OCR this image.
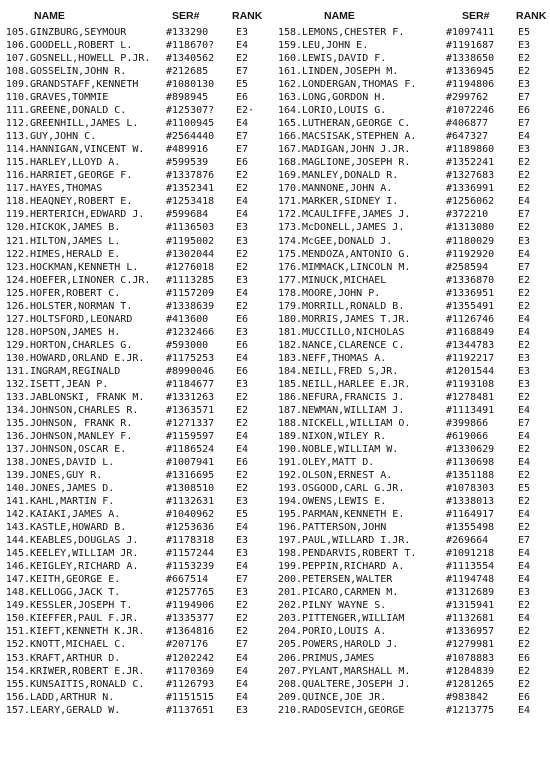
NAME	SER#	RANK
105. GINZBURG,SEYMOUR	#133290	E3
106. GOODELL,ROBERT L.	#118670?	E4
107. GOSNELL,HOWELL P.JR.	#1340562	E2
108. GOSSELIN,JOHN R.	#212685	E7
109. GRANDSTAFF,KENNETH	#1080130	E5
110. GRAVES,TOMMIE	#898945	E6
111. GREENE,DONALD C.	#125307?	E2·
112. GREENHILL,JAMES L.	#1100945	E4
113. GUY,JOHN C.	#2564440	E7
114. HANNIGAN,VINCENT W.	#489916	E7
115. HARLEY,LLOYD A.	#599539	E6
116. HARRIET,GEORGE F.	#1337876	E2
117. HAYES,THOMAS	#1352341	E2
118. HEAQNEY,ROBERT E.	#1253418	E4
119. HERTERICH,EDWARD J.	#599684	E4
120. HICKOK,JAMES B.	#1136503	E3
121. HILTON,JAMES L.	#1195002	E3
122. HIMES,HERALD E.	#1302044	E2
123. HOCKMAN,KENNETH L.	#1276018	E2
124. HOEFER,LINONER C.JR.	#1113285	E3
125. HOFER,ROBERT C.	#1157209	E4
126. HOLSTER,NORMAN T.	#1338639	E2
127. HOLTSFORD,LEONARD	#413600	E6
128. HOPSON,JAMES H.	#1232466	E3
129. HORTON,CHARLES G.	#593000	E6
130. HOWARD,ORLAND E.JR.	#1175253	E4
131. INGRAM,REGINALD	#8990046	E6
132. ISETT,JEAN P.	#1184677	E3
133. JABLONSKI, FRANK M.	#1331263	E2
134. JOHNSON,CHARLES R.	#1363571	E2
135. JOHNSON, FRANK R.	#1271337	E2
136. JOHNSON,MANLEY F.	#1159597	E4
137. JOHNSON,OSCAR E.	#1186524	E4
138. JONES,DAVID L.	#1007941	E6
139. JONES,GUY R.	#1316695	E2
140. JONES,JAMES D.	#1308510	E2
141. KAHL,MARTIN F.	#1132631	E3
142. KAIAKI,JAMES A.	#1040962	E5
143. KASTLE,HOWARD B.	#1253636	E4
144. KEABLES,DOUGLAS J.	#1178318	E3
145. KEELEY,WILLIAM JR.	#1157244	E3
146. KEIGLEY,RICHARD A.	#1153239	E4
147. KEITH,GEORGE E.	#667514	E7
148. KELLOGG,JACK T.	#1257765	E3
149. KESSLER,JOSEPH T.	#1194906	E2
150. KIEFFER,PAUL F.JR.	#1335377	E2
151. KIEFT,KENNETH K.JR.	#1364816	E2
152. KNOTT,MICHAEL C.	#207176	E7
153. KRAFT,ARTHUR D.	#1202242	E4
154. KRIWER,ROBERT E.JR.	#1170369	E4
155. KUNSAITIS,RONALD C.	#1126793	E4
156. LADD,ARTHUR N.	#1151515	E4
157. LEARY,GERALD W.	#1137651	E3
NAME	SER#	RANK
158. LEMONS,CHESTER F.	#1097411	E5
159. LEU,JOHN E.	#1191687	E3
160. LEWIS,DAVID F.	#1338650	E2
161. LINDEN,JOSEPH M.	#1336945	E2
162. LONDERGAN,THOMAS F.	#1194806	E3
163. LONG,GORDON H.	#299762	E7
164. LORIO,LOUIS G.	#1072246	E6
165. LUTHERAN,GEORGE C.	#406877	E7
166. MACSISAK,STEPHEN A.	#647327	E4
167. MADIGAN,JOHN J.JR.	#1189860	E3
168. MAGLIONE,JOSEPH R.	#1352241	E2
169. MANLEY,DONALD R.	#1327683	E2
170. MANNONE,JOHN A.	#1336991	E2
171. MARKER,SIDNEY I.	#1256062	E4
172. MCAULIFFE,JAMES J.	#372210	E7
173. McDONELL,JAMES J.	#1313080	E2
174. McGEE,DONALD J.	#1180029	E3
175. MENDOZA,ANTONIO G.	#1192920	E4
176. MIMMACK,LINCOLN M.	#258594	E7
177. MINUCK,MICHAEL	#1336870	E2
178. MOORE,JOHN P.	#1336951	E2
179. MORRILL,RONALD B.	#1355491	E2
180. MORRIS,JAMES T.JR.	#1126746	E4
181. MUCCILLO,NICHOLAS	#1168849	E4
182. NANCE,CLARENCE C.	#1344783	E2
183. NEFF,THOMAS A.	#1192217	E3
184. NEILL,FRED S,JR.	#1201544	E3
185. NEILL,HARLEE E.JR.	#1193108	E3
186. NEFURA,FRANCIS J.	#1278481	E2
187. NEWMAN,WILLIAM J.	#1113491	E4
188. NICKELL,WILLIAM O.	#399866	E7
189. NIXON,WILEY R.	#619066	E4
190. NOBLE,WILLIAM W.	#1330629	E2
191. OLEY,MATT D.	#1130698	E4
192. OLSON,ERNEST A.	#1351188	E2
193. OSGOOD,CARL G.JR.	#1078303	E5
194. OWENS,LEWIS E.	#1338013	E2
195. PARMAN,KENNETH E.	#1164917	E4
196. PATTERSON,JOHN	#1355498	E2
197. PAUL,WILLARD I.JR.	#269664	E7
198. PENDARVIS,ROBERT T.	#1091218	E4
199. PEPPIN,RICHARD A.	#1113554	E4
200. PETERSEN,WALTER	#1194748	E4
201. PICARO,CARMEN M.	#1312689	E3
202. PILNY WAYNE S.	#1315941	E2
203. PITTENGER,WILLIAM	#1132681	E4
204. PORIO,LOUIS A.	#1336957	E2
205. POWERS,HAROLD J.	#1279981	E2
206. PRIMUS,JAMES	#1078883	E6
207. PYLANT,MARSHALL M.	#1284839	E2
208. QUALTERE,JOSEPH J.	#1281265	E2
209. QUINCE,JOE JR.	#983842	E6
210. RADOSEVICH,GEORGE	#1213775	E4
